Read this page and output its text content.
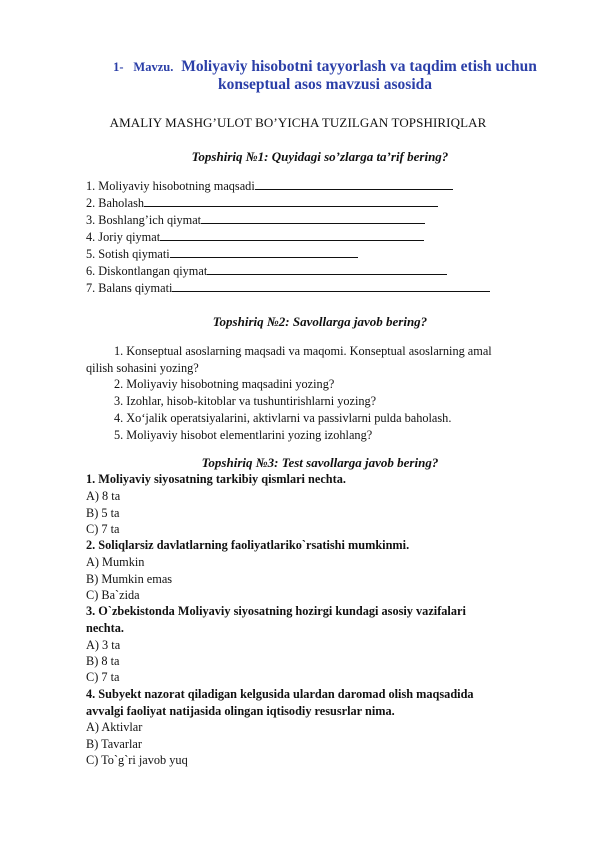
1- Mavzu. Moliyaviy hisobotni tayyorlash va taqdim etish uchun
konseptual asos mavzusi asosida
AMALIY MASHG’ULOT BO’YICHA TUZILGAN TOPSHIRIQLAR
Topshiriq №1: Quyidagi so’zlarga ta’rif bering?
1. Moliyaviy hisobotning maqsadi
2. Baholash
3. Boshlang’ich qiymat
4. Joriy qiymat
5. Sotish qiymati
6. Diskontlangan qiymat
7. Balans qiymati
Topshiriq №2: Savollarga javob bering?
1. Konseptual asoslarning maqsadi va maqomi. Konseptual asoslarning amal
qilish sohasini yozing?
2. Moliyaviy hisobotning maqsadini yozing?
3. Izohlar, hisob-kitoblar va tushuntirishlarni yozing?
4. Xo‘jalik operatsiyalarini, aktivlarni va passivlarni pulda baholash.
5. Moliyaviy hisobot elementlarini yozing izohlang?
Topshiriq №3: Test savollarga javob bering?
1. Moliyaviy siyosatning tarkibiy qismlari nechta.
A) 8 ta
B) 5 ta
C) 7 ta
2. Soliqlarsiz davlatlarning faoliyatlariko`rsatishi mumkinmi.
A) Mumkin
B) Mumkin emas
C) Ba`zida
3. O`zbekistonda Moliyaviy siyosatning hozirgi kundagi asosiy vazifalari
nechta.
A) 3 ta
B) 8 ta
C) 7 ta
4. Subyekt nazorat qiladigan kelgusida ulardan daromad olish maqsadida
avvalgi faoliyat natijasida olingan iqtisodiy resusrlar nima.
A) Aktivlar
B) Tavarlar
C) To`g`ri javob yuq
